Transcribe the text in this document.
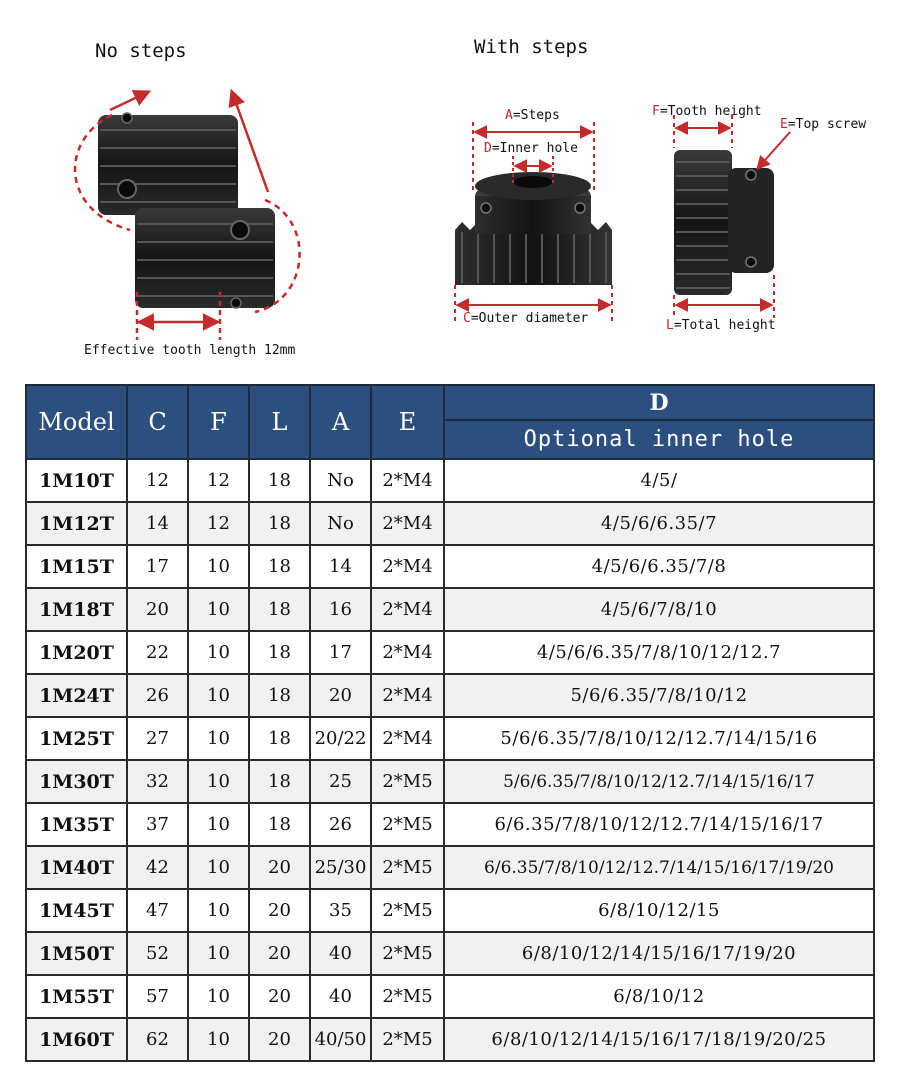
No steps	With steps
Effective tooth length 12mm
A=Steps
D=Inner hole
C=Outer diameter
F=Tooth height
E=Top screw
L=Total height
Model	C	F	L	A	E	D
						Optional inner hole
1M10T	12	12	18	No	2*M4	4/5/
1M12T	14	12	18	No	2*M4	4/5/6/6.35/7
1M15T	17	10	18	14	2*M4	4/5/6/6.35/7/8
1M18T	20	10	18	16	2*M4	4/5/6/7/8/10
1M20T	22	10	18	17	2*M4	4/5/6/6.35/7/8/10/12/12.7
1M24T	26	10	18	20	2*M4	5/6/6.35/7/8/10/12
1M25T	27	10	18	20/22	2*M4	5/6/6.35/7/8/10/12/12.7/14/15/16
1M30T	32	10	18	25	2*M5	5/6/6.35/7/8/10/12/12.7/14/15/16/17
1M35T	37	10	18	26	2*M5	6/6.35/7/8/10/12/12.7/14/15/16/17
1M40T	42	10	20	25/30	2*M5	6/6.35/7/8/10/12/12.7/14/15/16/17/19/20
1M45T	47	10	20	35	2*M5	6/8/10/12/15
1M50T	52	10	20	40	2*M5	6/8/10/12/14/15/16/17/19/20
1M55T	57	10	20	40	2*M5	6/8/10/12
1M60T	62	10	20	40/50	2*M5	6/8/10/12/14/15/16/17/18/19/20/25
